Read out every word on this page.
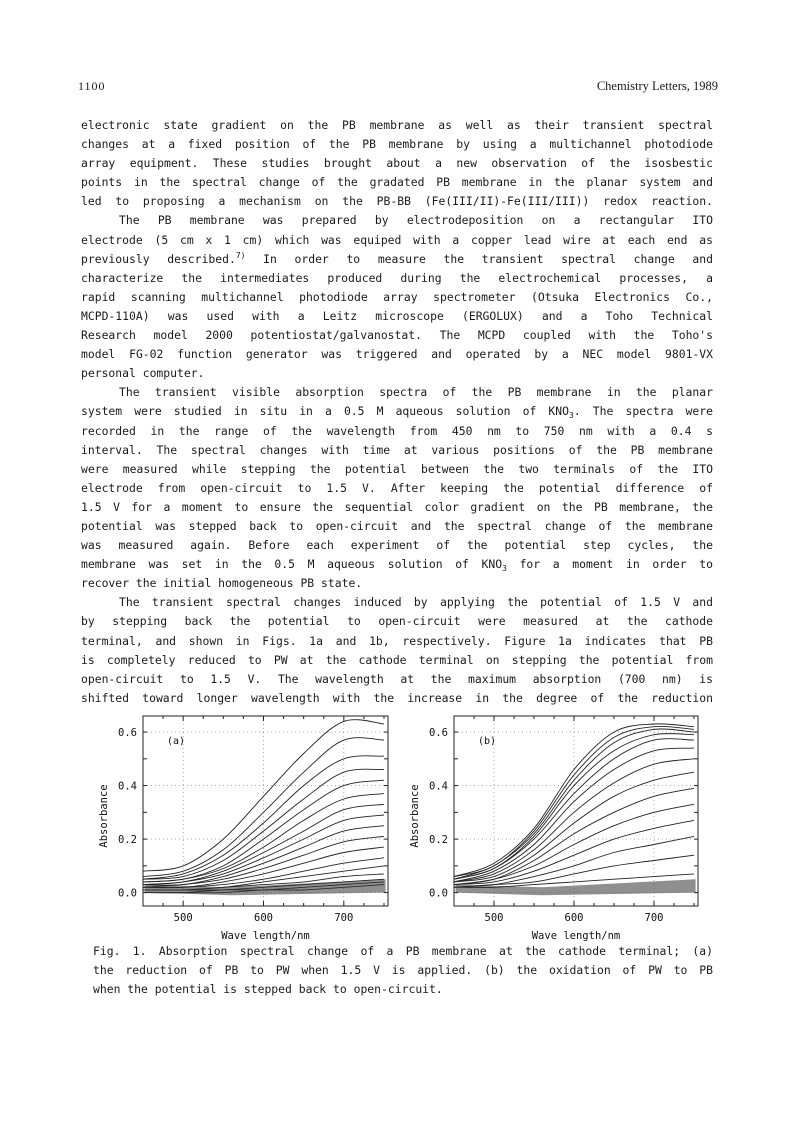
1100	Chemistry Letters, 1989
electronic state gradient on the PB membrane as well as their transient spectral
changes at a fixed position of the PB membrane by using a multichannel photodiode
array equipment. These studies brought about a new observation of the isosbestic
points in the spectral change of the gradated PB membrane in the planar system and
led to proposing a mechanism on the PB-BB (Fe(III/II)-Fe(III/III)) redox reaction.
The PB membrane was prepared by electrodeposition on a rectangular ITO
electrode (5 cm x 1 cm) which was equiped with a copper lead wire at each end as
previously described.$^{7)}$ In order to measure the transient spectral change and
characterize the intermediates produced during the electrochemical processes, a
rapid scanning multichannel photodiode array spectrometer (Otsuka Electronics Co.,
MCPD-110A) was used with a Leitz microscope (ERGOLUX) and a Toho Technical
Research model 2000 potentiostat/galvanostat. The MCPD coupled with the Toho's
model FG-02 function generator was triggered and operated by a NEC model 9801-VX
personal computer.
The transient visible absorption spectra of the PB membrane in the planar
system were studied in situ in a 0.5 M aqueous solution of $KNO_3$. The spectra were
recorded in the range of the wavelength from 450 nm to 750 nm with a 0.4 s
interval. The spectral changes with time at various positions of the PB membrane
were measured while stepping the potential between the two terminals of the ITO
electrode from open-circuit to 1.5 V. After keeping the potential difference of
1.5 V for a moment to ensure the sequential color gradient on the PB membrane, the
potential was stepped back to open-circuit and the spectral change of the membrane
was measured again. Before each experiment of the potential step cycles, the
membrane was set in the 0.5 M aqueous solution of $KNO_3$ for a moment in order to
recover the initial homogeneous PB state.
The transient spectral changes induced by applying the potential of 1.5 V and
by stepping back the potential to open-circuit were measured at the cathode
terminal, and shown in Figs. 1a and 1b, respectively. Figure 1a indicates that PB
is completely reduced to PW at the cathode terminal on stepping the potential from
open-circuit to 1.5 V. The wavelength at the maximum absorption (700 nm) is
shifted toward longer wavelength with the increase in the degree of the reduction
500	600	700
0.0
0.2
0.4
0.6
Wave length/nm
Absorbance
(a)
500	600	700
0.0
0.2
0.4
0.6
Wave length/nm
Absorbance
(b)
Fig. 1. Absorption spectral change of a PB membrane at the cathode terminal; (a)
the reduction of PB to PW when 1.5 V is applied. (b) the oxidation of PW to PB
when the potential is stepped back to open-circuit.
